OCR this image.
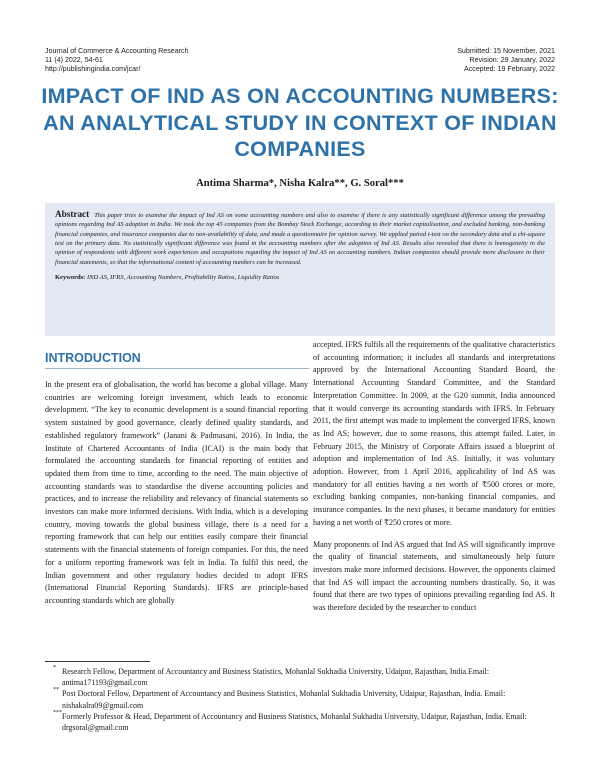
Journal of Commerce & Accounting Research
11 (4) 2022, 54-61
http://publishingindia.com/jcar/
Submitted: 15 November, 2021
Revision: 29 January, 2022
Accepted: 19 February, 2022
IMPACT OF IND AS ON ACCOUNTING NUMBERS: AN ANALYTICAL STUDY IN CONTEXT OF INDIAN COMPANIES
Antima Sharma*, Nisha Kalra**, G. Soral***

Abstract This paper tries to examine the impact of Ind AS on some accounting numbers and also to examine if there is any statistically significant difference among the prevailing opinions regarding Ind AS adoption in India. We took the top 45 companies from the Bombay Stock Exchange, according to their market capitalisation, and excluded banking, non-banking financial companies, and insurance companies due to non-availability of data, and made a questionnaire for opinion survey. We applied paired t-test on the secondary data and a chi-square test on the primary data. No statistically significant difference was found in the accounting numbers after the adoption of Ind AS. Results also revealed that there is homogeneity in the opinion of respondents with different work experiences and occupations regarding the impact of Ind AS on accounting numbers. Indian companies should provide more disclosure in their financial statements, so that the informational content of accounting numbers can be increased.

Keywords: IND AS, IFRS, Accounting Numbers, Profitability Ratios, Liquidity Ratios
INTRODUCTION

In the present era of globalisation, the world has become a global village. Many countries are welcoming foreign investment, which leads to economic development. “The key to economic development is a sound financial reporting system sustained by good governance, clearly defined quality standards, and established regulatory framework” (Janani & Padmasani, 2016). In India, the Institute of Chartered Accountants of India (ICAI) is the main body that formulated the accounting standards for financial reporting of entities and updated them from time to time, according to the need. The main objective of accounting standards was to standardise the diverse accounting policies and practices, and to increase the reliability and relevancy of financial statements so investors can make more informed decisions. With India, which is a developing country, moving towards the global business village, there is a need for a reporting framework that can help our entities easily compare their financial statements with the financial statements of foreign companies. For this, the need for a uniform reporting framework was felt in India. To fulfil this need, the Indian government and other regulatory bodies decided to adopt IFRS (International Financial Reporting Standards). IFRS are principle-based accounting standards which are globally

accepted. IFRS fulfils all the requirements of the qualitative characteristics of accounting information; it includes all standards and interpretations approved by the International Accounting Standard Board, the International Accounting Standard Committee, and the Standard Interpretation Committee. In 2009, at the G20 summit, India announced that it would converge its accounting standards with IFRS. In February 2011, the first attempt was made to implement the converged IFRS, known as Ind AS; however, due to some reasons, this attempt failed. Later, in February 2015, the Ministry of Corporate Affairs issued a blueprint of adoption and implementation of Ind AS. Initially, it was voluntary adoption. However, from 1 April 2016, applicability of Ind AS was mandatory for all entities having a net worth of ₹500 crores or more, excluding banking companies, non-banking financial companies, and insurance companies. In the next phases, it became mandatory for entities having a net worth of ₹250 crores or more.

Many proponents of Ind AS argued that Ind AS will significantly improve the quality of financial statements, and simultaneously help future investors make more informed decisions. However, the opponents claimed that Ind AS will impact the accounting numbers drastically. So, it was found that there are two types of opinions prevailing regarding Ind AS. It was therefore decided by the researcher to conduct

* Research Fellow, Department of Accountancy and Business Statistics, Mohanlal Sukhadia University, Udaipur, Rajasthan, India.Email: antima171193@gmail.com
** Post Doctoral Fellow, Department of Accountancy and Business Statistics, Mohanlal Sukhadia University, Udaipur, Rajasthan, India. Email: nishakalra09@gmail.com
*** Formerly Professor & Head, Department of Accountancy and Business Statistics, Mohanlal Sukhadia University, Udaipur, Rajasthan, India. Email: drgsoral@gmail.com
